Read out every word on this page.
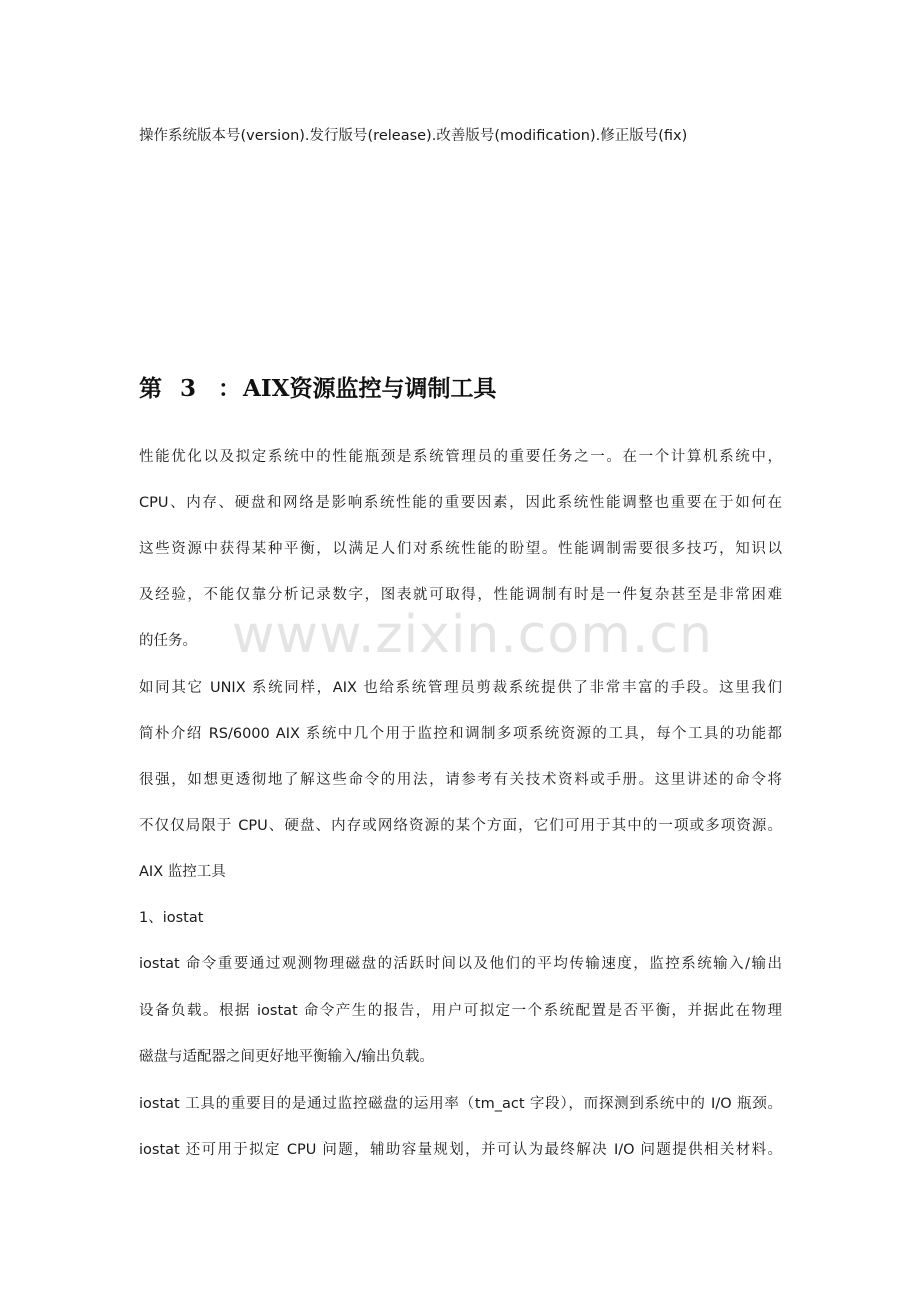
操作系统版本号(version).发行版号(release).改善版号(modification).修正版号(fix)
第 3 ：AIX资源监控与调制工具
www.zixin.com.cn
性能优化以及拟定系统中的性能瓶颈是系统管理员的重要任务之一。在一个计算机系统中，
CPU、内存、硬盘和网络是影响系统性能的重要因素，因此系统性能调整也重要在于如何在
这些资源中获得某种平衡，以满足人们对系统性能的盼望。性能调制需要很多技巧，知识以
及经验，不能仅靠分析记录数字，图表就可取得，性能调制有时是一件复杂甚至是非常困难
的任务。
如同其它 UNIX 系统同样，AIX 也给系统管理员剪裁系统提供了非常丰富的手段。这里我们
简朴介绍 RS/6000 AIX 系统中几个用于监控和调制多项系统资源的工具，每个工具的功能都
很强，如想更透彻地了解这些命令的用法，请参考有关技术资料或手册。这里讲述的命令将
不仅仅局限于 CPU、硬盘、内存或网络资源的某个方面，它们可用于其中的一项或多项资源。
AIX 监控工具
1、iostat
iostat 命令重要通过观测物理磁盘的活跃时间以及他们的平均传输速度，监控系统输入/输出
设备负载。根据 iostat 命令产生的报告，用户可拟定一个系统配置是否平衡，并据此在物理
磁盘与适配器之间更好地平衡输入/输出负载。
iostat 工具的重要目的是通过监控磁盘的运用率（tm_act 字段），而探测到系统中的 I/O 瓶颈。
iostat 还可用于拟定 CPU 问题，辅助容量规划，并可认为最终解决 I/O 问题提供相关材料。
